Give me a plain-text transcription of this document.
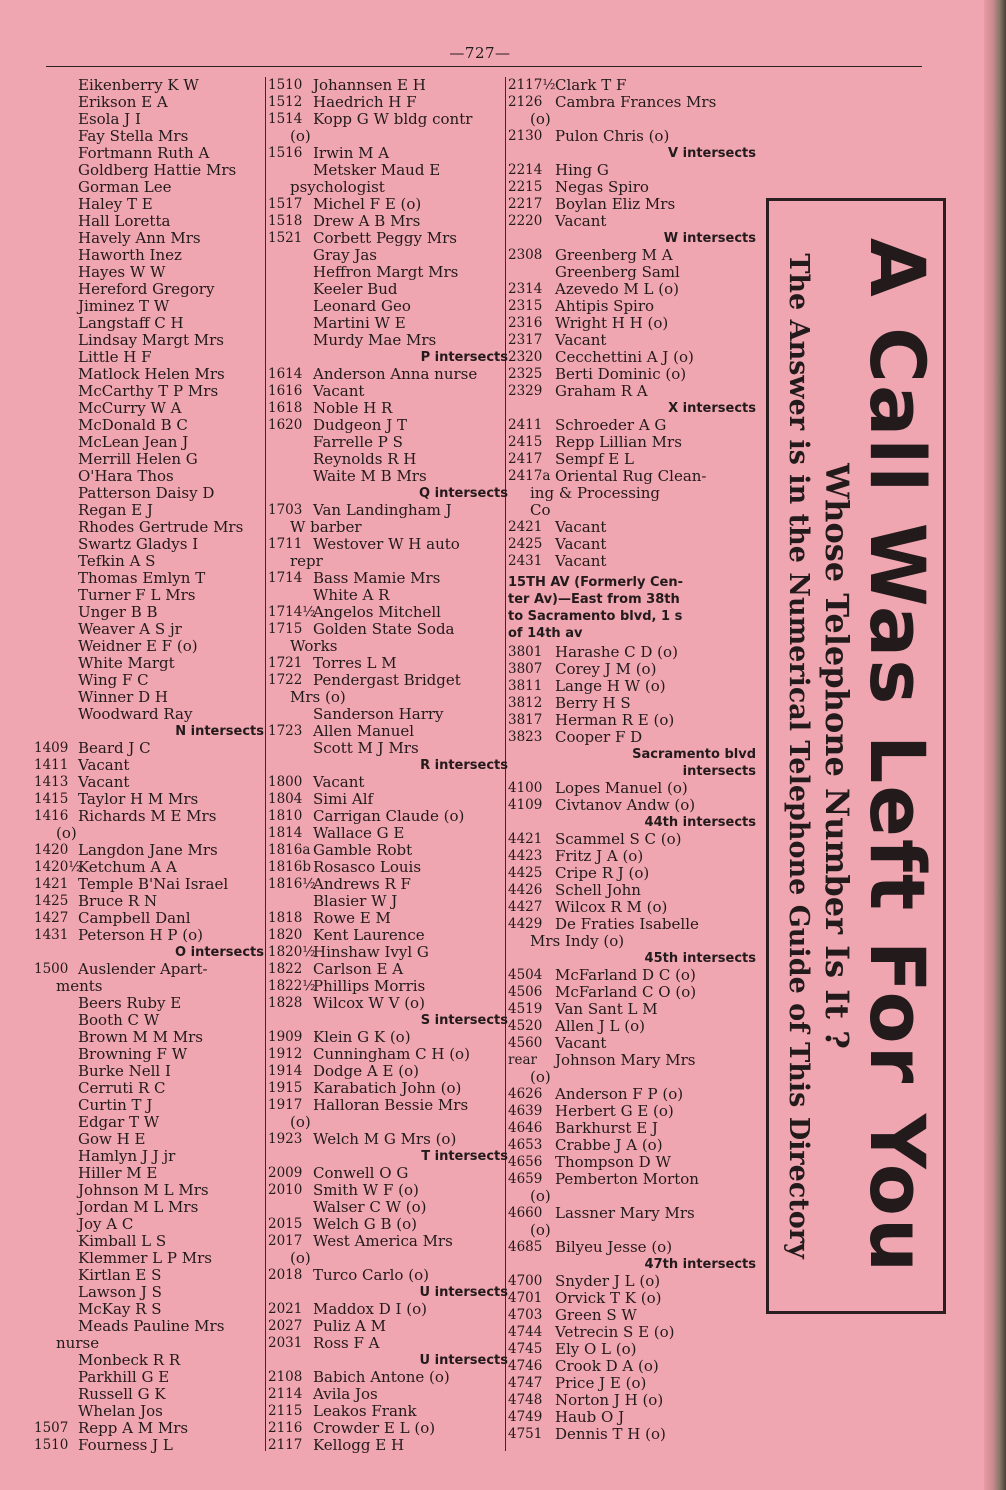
—727—
Eikenberry K W
Erikson E A
Esola J I
Fay Stella Mrs
Fortmann Ruth A
Goldberg Hattie Mrs
Gorman Lee
Haley T E
Hall Loretta
Havely Ann Mrs
Haworth Inez
Hayes W W
Hereford Gregory
Jiminez T W
Langstaff C H
Lindsay Margt Mrs
Little H F
Matlock Helen Mrs
McCarthy T P Mrs
McCurry W A
McDonald B C
McLean Jean J
Merrill Helen G
O'Hara Thos
Patterson Daisy D
Regan E J
Rhodes Gertrude Mrs
Swartz Gladys I
Tefkin A S
Thomas Emlyn T
Turner F L Mrs
Unger B B
Weaver A S jr
Weidner E F (o)
White Margt
Wing F C
Winner D H
Woodward Ray
N intersects
1409 Beard J C
1411 Vacant
1413 Vacant
1415 Taylor H M Mrs
1416 Richards M E Mrs
(o)
1420 Langdon Jane Mrs
1420½
Ketchum A A
1421 Temple B'Nai Israel
1425 Bruce R N
1427 Campbell Danl
1431 Peterson H P (o)
O intersects
1500 Auslender Apart-
ments
Beers Ruby E
Booth C W
Brown M M Mrs
Browning F W
Burke Nell I
Cerruti R C
Curtin T J
Edgar T W
Gow H E
Hamlyn J J jr
Hiller M E
Johnson M L Mrs
Jordan M L Mrs
Joy A C
Kimball L S
Klemmer L P Mrs
Kirtlan E S
Lawson J S
McKay R S
Meads Pauline Mrs
nurse
Monbeck R R
Parkhill G E
Russell G K
Whelan Jos
1507 Repp A M Mrs
1510 Fourness J L
1510 Johannsen E H
1512 Haedrich H F
1514 Kopp G W bldg contr
(o)
1516 Irwin M A
Metsker Maud E
psychologist
1517 Michel F E (o)
1518 Drew A B Mrs
1521 Corbett Peggy Mrs
Gray Jas
Heffron Margt Mrs
Keeler Bud
Leonard Geo
Martini W E
Murdy Mae Mrs
P intersects
1614 Anderson Anna nurse
1616 Vacant
1618 Noble H R
1620 Dudgeon J T
Farrelle P S
Reynolds R H
Waite M B Mrs
Q intersects
1703 Van Landingham J
W barber
1711 Westover W H auto
repr
1714 Bass Mamie Mrs
White A R
1714½
Angelos Mitchell
1715 Golden State Soda
Works
1721 Torres L M
1722 Pendergast Bridget
Mrs (o)
Sanderson Harry
1723 Allen Manuel
Scott M J Mrs
R intersects
1800 Vacant
1804 Simi Alf
1810 Carrigan Claude (o)
1814 Wallace G E
1816a Gamble Robt
1816b Rosasco Louis
1816½
Andrews R F
Blasier W J
1818 Rowe E M
1820 Kent Laurence
1820½
Hinshaw Ivyl G
1822 Carlson E A
1822½
Phillips Morris
1828 Wilcox W V (o)
S intersects
1909 Klein G K (o)
1912 Cunningham C H (o)
1914 Dodge A E (o)
1915 Karabatich John (o)
1917 Halloran Bessie Mrs
(o)
1923 Welch M G Mrs (o)
T intersects
2009 Conwell O G
2010 Smith W F (o)
Walser C W (o)
2015 Welch G B (o)
2017 West America Mrs
(o)
2018 Turco Carlo (o)
U intersects
2021 Maddox D I (o)
2027 Puliz A M
2031 Ross F A
U intersects
2108 Babich Antone (o)
2114 Avila Jos
2115 Leakos Frank
2116 Crowder E L (o)
2117 Kellogg E H
2117½ Clark T F
2126 Cambra Frances Mrs
(o)
2130 Pulon Chris (o)
V intersects
2214 Hing G
2215 Negas Spiro
2217 Boylan Eliz Mrs
2220 Vacant
W intersects
2308 Greenberg M A
Greenberg Saml
2314 Azevedo M L (o)
2315 Ahtipis Spiro
2316 Wright H H (o)
2317 Vacant
2320 Cecchettini A J (o)
2325 Berti Dominic (o)
2329 Graham R A
X intersects
2411 Schroeder A G
2415 Repp Lillian Mrs
2417 Sempf E L
2417a Oriental Rug Clean-
ing & Processing
Co
2421 Vacant
2425 Vacant
2431 Vacant
15TH AV (Formerly Cen-
ter Av)—East from 38th
to Sacramento blvd, 1 s
of 14th av
3801 Harashe C D (o)
3807 Corey J M (o)
3811 Lange H W (o)
3812 Berry H S
3817 Herman R E (o)
3823 Cooper F D
Sacramento blvd
intersects
4100 Lopes Manuel (o)
4109 Civtanov Andw (o)
44th intersects
4421 Scammel S C (o)
4423 Fritz J A (o)
4425 Cripe R J (o)
4426 Schell John
4427 Wilcox R M (o)
4429 De Fraties Isabelle
Mrs Indy (o)
45th intersects
4504 McFarland D C (o)
4506 McFarland C O (o)
4519 Van Sant L M
4520 Allen J L (o)
4560 Vacant
rear	Johnson Mary Mrs
(o)
4626 Anderson F P (o)
4639 Herbert G E (o)
4646 Barkhurst E J
4653 Crabbe J A (o)
4656 Thompson D W
4659 Pemberton Morton
(o)
4660 Lassner Mary Mrs
(o)
4685 Bilyeu Jesse (o)
47th intersects
4700 Snyder J L (o)
4701 Orvick T K (o)
4703 Green S W
4744 Vetrecin S E (o)
4745 Ely O L (o)
4746 Crook D A (o)
4747 Price J E (o)
4748 Norton J H (o)
4749 Haub O J
4751 Dennis T H (o)
A Call Was Left For You
Whose Telephone Number Is It ?
The Answer is in the Numerical Telephone Guide of This Directory
